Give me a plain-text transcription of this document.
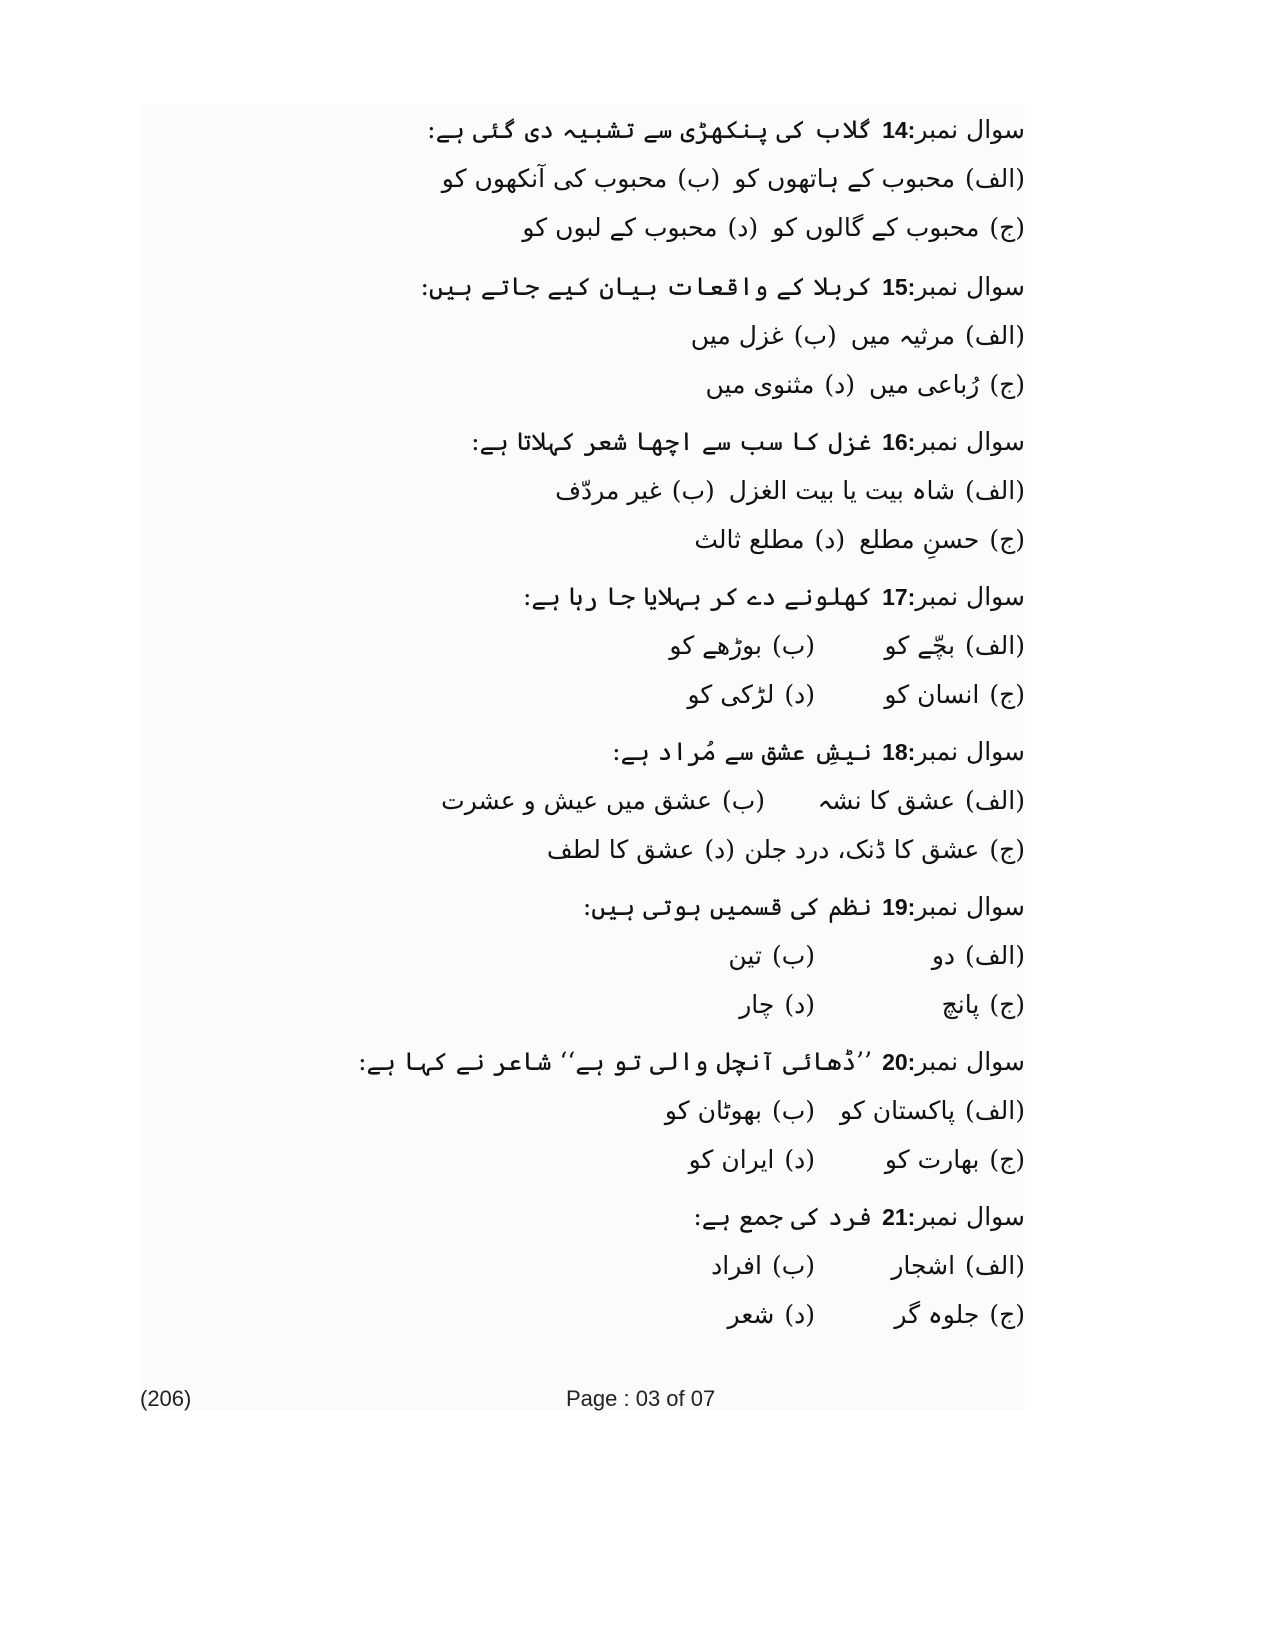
سوال نمبر14:گلاب کی پنکھڑی سے تشبیہ دی گئی ہے:
(الف)محبوب کے ہاتھوں کو
(ب)محبوب کی آنکھوں کو
(ج)محبوب کے گالوں کو
(د)محبوب کے لبوں کو
سوال نمبر15:کربلا کے واقعات بیان کیے جاتے ہیں:
(الف)مرثیہ میں
(ب)غزل میں
(ج)رُباعی میں
(د)مثنوی میں
سوال نمبر16:غزل کا سب سے اچھا شعر کہلاتا ہے:
(الف)شاہ بیت یا بیت الغزل
(ب)غیر مردّف
(ج)حسنِ مطلع
(د)مطلع ثالث
سوال نمبر17:کھلونے دے کر بہلایا جا رہا ہے:
(الف)بچّے کو
(ب)بوڑھے کو
(ج)انسان کو
(د)لڑکی کو
سوال نمبر18:نیشِ عشق سے مُراد ہے:
(الف)عشق کا نشہ
(ب)عشق میں عیش و عشرت
(ج)عشق کا ڈنک، درد جلن
(د)عشق کا لطف
سوال نمبر19:نظم کی قسمیں ہوتی ہیں:
(الف)دو
(ب)تین
(ج)پانچ
(د)چار
سوال نمبر20:’’ڈھائی آنچل والی تو ہے‘‘ شاعر نے کہا ہے:
(الف)پاکستان کو
(ب)بھوٹان کو
(ج)بھارت کو
(د)ایران کو
سوال نمبر21:فرد کی جمع ہے:
(الف)اشجار
(ب)افراد
(ج)جلوہ گر
(د)شعر
(206)	Page : 03 of 07
